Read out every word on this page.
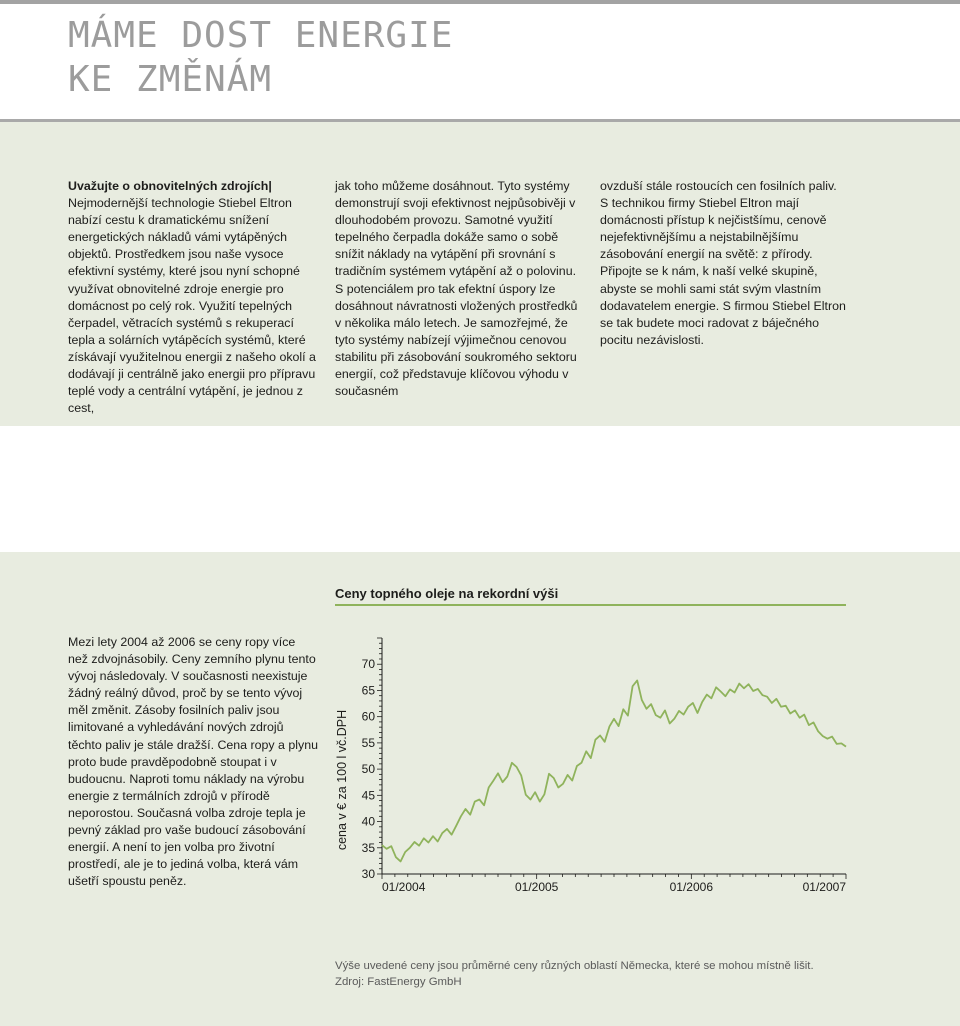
MÁME DOST ENERGIE
KE ZMĚNÁM
Uvažujte o obnovitelných zdrojích| Nejmodernější technologie Stiebel Eltron nabízí cestu k dramatickému snížení energetických nákladů vámi vytápěných objektů. Prostředkem jsou naše vysoce efektivní systémy, které jsou nyní schopné využívat obnovitelné zdroje energie pro domácnost po celý rok. Využití tepelných čerpadel, větracích systémů s rekuperací tepla a solárních vytápěcích systémů, které získávají využitelnou energii z našeho okolí a dodávají ji centrálně jako energii pro přípravu teplé vody a centrální vytápění, je jednou z cest,
jak toho můžeme dosáhnout. Tyto systémy demonstrují svoji efektivnost nejpůsobivěji v dlouhodobém provozu. Samotné využití tepelného čerpadla dokáže samo o sobě snížit náklady na vytápění při srovnání s tradičním systémem vytápění až o polovinu. S potenciálem pro tak efektní úspory lze dosáhnout návratnosti vložených prostředků v několika málo letech. Je samozřejmé, že tyto systémy nabízejí výjimečnou cenovou stabilitu při zásobování soukromého sektoru energií, což představuje klíčovou výhodu v současném
ovzduší stále rostoucích cen fosilních paliv. S technikou firmy Stiebel Eltron mají domácnosti přístup k nejčistšímu, cenově nejefektivnějšímu a nejstabilnějšímu zásobování energií na světě: z přírody. Připojte se k nám, k naší velké skupině, abyste se mohli sami stát svým vlastním dodavatelem energie. S firmou Stiebel Eltron se tak budete moci radovat z báječného pocitu nezávislosti.
Ceny topného oleje na rekordní výši
Mezi lety 2004 až 2006 se ceny ropy více než zdvojnásobily. Ceny zemního plynu tento vývoj následovaly. V současnosti neexistuje žádný reálný důvod, proč by se tento vývoj měl změnit. Zásoby fosilních paliv jsou limitované a vyhledávání nových zdrojů těchto paliv je stále dražší. Cena ropy a plynu proto bude pravděpodobně stoupat i v budoucnu. Naproti tomu náklady na výrobu energie z termálních zdrojů v přírodě neporostou. Současná volba zdroje tepla je pevný základ pro vaše budoucí zásobování energií. A není to jen volba pro životní prostředí, ale je to jediná volba, která vám ušetří spoustu peněz.
30
35
40
45
50
55
60
65
70
01/2004	01/2005	01/2006	01/2007
cena v € za 100 l vč.DPH
Výše uvedené ceny jsou průměrné ceny různých oblastí Německa, které se mohou místně lišit.
Zdroj: FastEnergy GmbH
